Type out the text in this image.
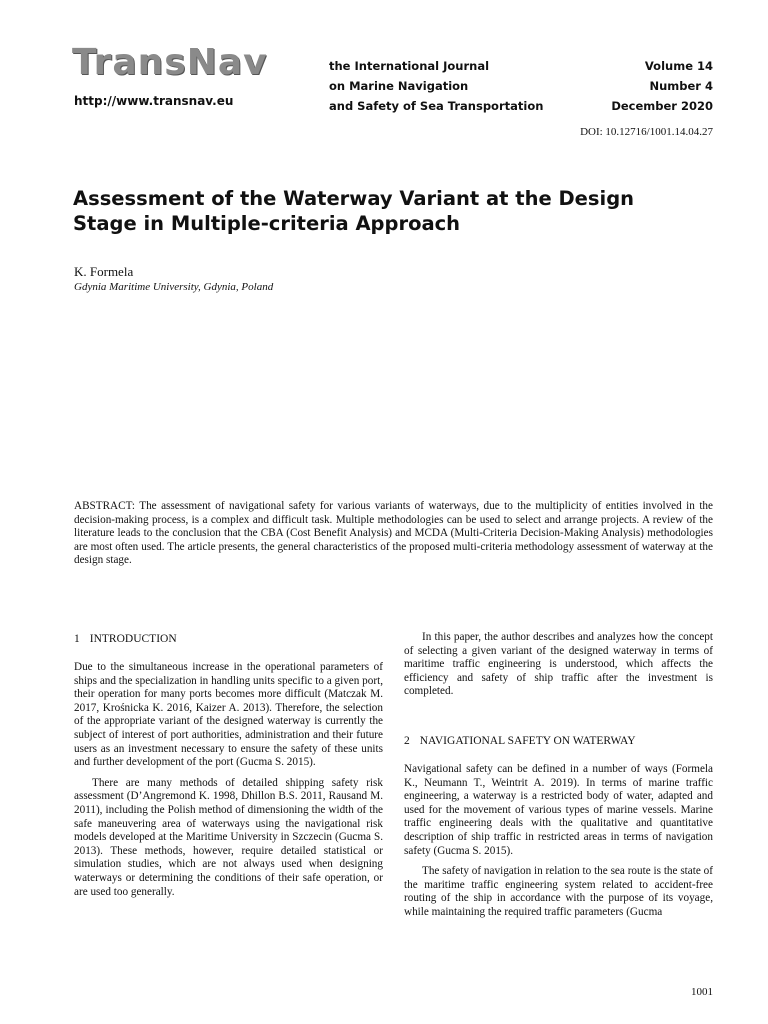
TransNav
http://www.transnav.eu
the International Journal
on Marine Navigation
and Safety of Sea Transportation
Volume 14
Number 4
December 2020
DOI: 10.12716/1001.14.04.27
Assessment of the Waterway Variant at the Design Stage in Multiple-criteria Approach
K. Formela
Gdynia Maritime University, Gdynia, Poland

ABSTRACT: The assessment of navigational safety for various variants of waterways, due to the multiplicity of entities involved in the decision-making process, is a complex and difficult task. Multiple methodologies can be used to select and arrange projects. A review of the literature leads to the conclusion that the CBA (Cost Benefit Analysis) and MCDA (Multi-Criteria Decision-Making Analysis) methodologies are most often used. The article presents, the general characteristics of the proposed multi-criteria methodology assessment of waterway at the design stage.

1 INTRODUCTION

Due to the simultaneous increase in the operational parameters of ships and the specialization in handling units specific to a given port, their operation for many ports becomes more difficult (Matczak M. 2017, Krośnicka K. 2016, Kaizer A. 2013). Therefore, the selection of the appropriate variant of the designed waterway is currently the subject of interest of port authorities, administration and their future users as an investment necessary to ensure the safety of these units and further development of the port (Gucma S. 2015).

There are many methods of detailed shipping safety risk assessment (D’Angremond K. 1998, Dhillon B.S. 2011, Rausand M. 2011), including the Polish method of dimensioning the width of the safe maneuvering area of waterways using the navigational risk models developed at the Maritime University in Szczecin (Gucma S. 2013). These methods, however, require detailed statistical or simulation studies, which are not always used when designing waterways or determining the conditions of their safe operation, or are used too generally.

In this paper, the author describes and analyzes how the concept of selecting a given variant of the designed waterway in terms of maritime traffic engineering is understood, which affects the efficiency and safety of ship traffic after the investment is completed.

2 NAVIGATIONAL SAFETY ON WATERWAY

Navigational safety can be defined in a number of ways (Formela K., Neumann T., Weintrit A. 2019). In terms of marine traffic engineering, a waterway is a restricted body of water, adapted and used for the movement of various types of marine vessels. Marine traffic engineering deals with the qualitative and quantitative description of ship traffic in restricted areas in terms of navigation safety (Gucma S. 2015).

The safety of navigation in relation to the sea route is the state of the maritime traffic engineering system related to accident-free routing of the ship in accordance with the purpose of its voyage, while maintaining the required traffic parameters (Gucma

1001
